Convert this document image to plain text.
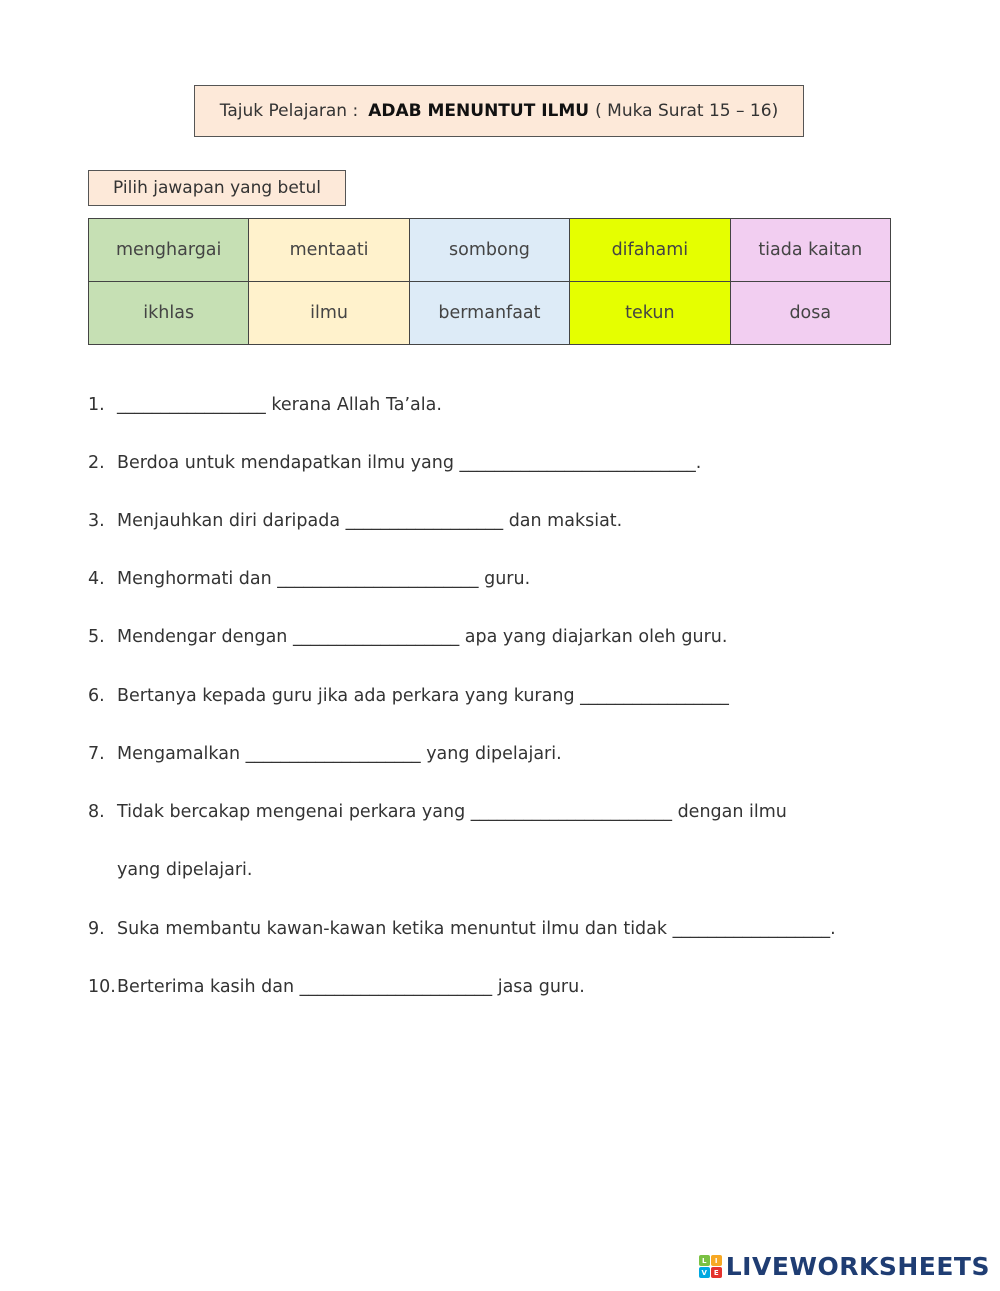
Tajuk Pelajaran : ADAB MENUNTUT ILMU ( Muka Surat 15 – 16)
Pilih jawapan yang betul
menghargai	mentaati	sombong	difahami	tiada kaitan
ikhlas	ilmu	bermanfaat	tekun	dosa
1. _________________ kerana Allah Ta’ala.
2. Berdoa untuk mendapatkan ilmu yang ___________________________.
3. Menjauhkan diri daripada __________________ dan maksiat.
4. Menghormati dan _______________________ guru.
5. Mendengar dengan ___________________ apa yang diajarkan oleh guru.
6. Bertanya kepada guru jika ada perkara yang kurang _________________
7. Mengamalkan ____________________ yang dipelajari.
8. Tidak bercakap mengenai perkara yang _______________________ dengan ilmu
yang dipelajari.
9. Suka membantu kawan-kawan ketika menuntut ilmu dan tidak __________________.
10.Berterima kasih dan ______________________ jasa guru.
L	I
V E LIVEWORKSHEETS
